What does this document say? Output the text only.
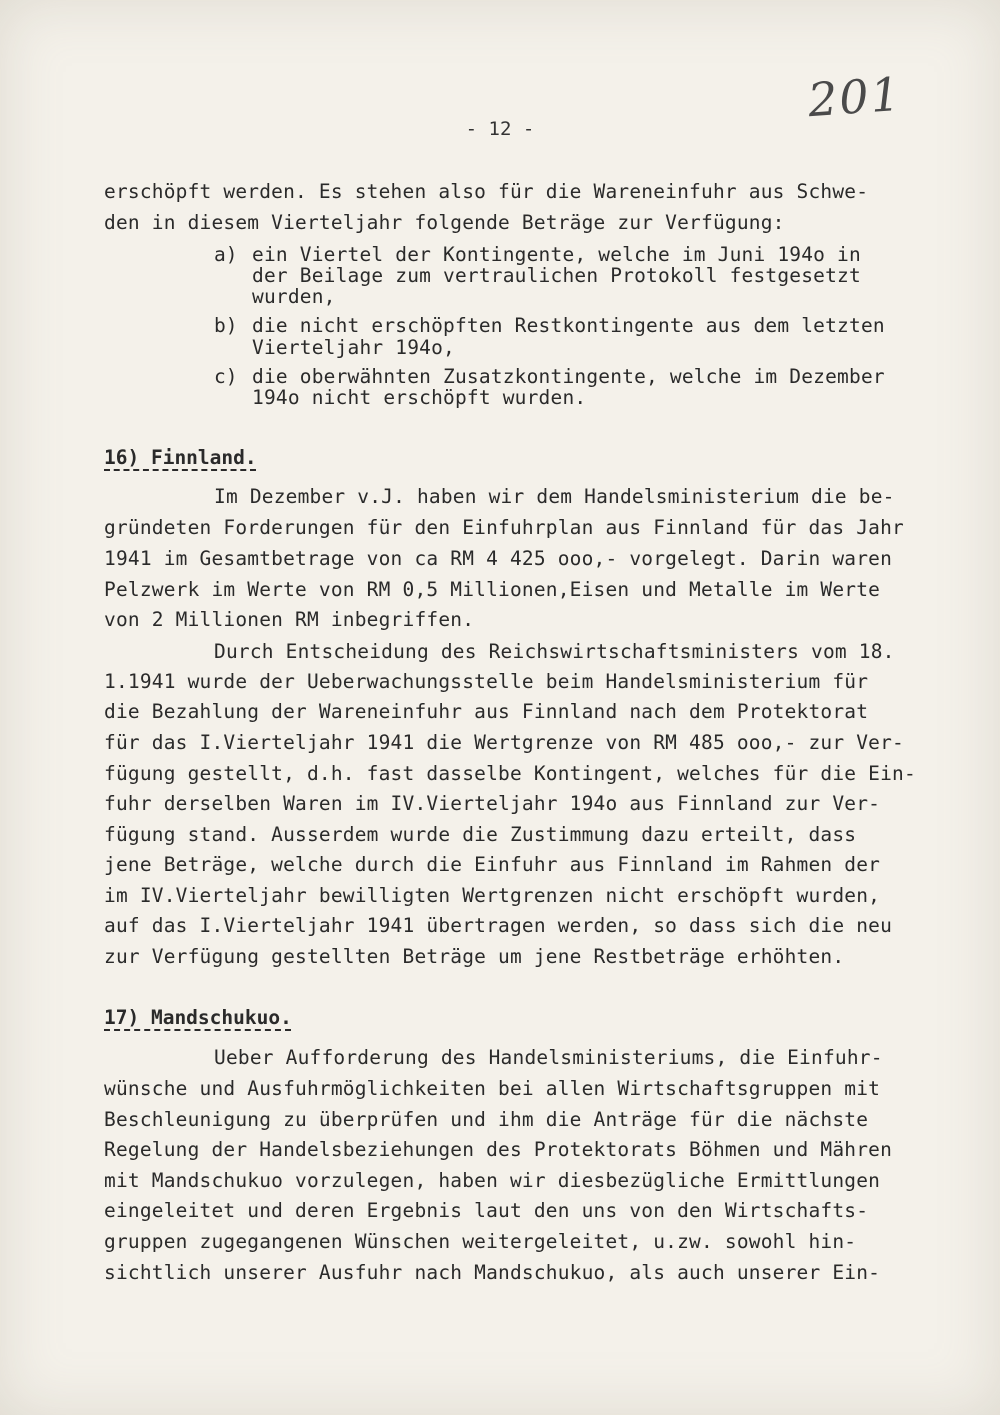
201
- 12 -
erschöpft werden. Es stehen also für die Wareneinfuhr aus Schwe-
den in diesem Vierteljahr folgende Beträge zur Verfügung:
a) ein Viertel der Kontingente, welche im Juni 194o in
der Beilage zum vertraulichen Protokoll festgesetzt
wurden,
b) die nicht erschöpften Restkontingente aus dem letzten
Vierteljahr 194o,
c) die oberwähnten Zusatzkontingente, welche im Dezember
194o nicht erschöpft wurden.
16) Finnland.
Im Dezember v.J. haben wir dem Handelsministerium die be-
gründeten Forderungen für den Einfuhrplan aus Finnland für das Jahr
1941 im Gesamtbetrage von ca RM 4 425 ooo,- vorgelegt. Darin waren
Pelzwerk im Werte von RM 0,5 Millionen,Eisen und Metalle im Werte
von 2 Millionen RM inbegriffen.
Durch Entscheidung des Reichswirtschaftsministers vom 18.
1.1941 wurde der Ueberwachungsstelle beim Handelsministerium für
die Bezahlung der Wareneinfuhr aus Finnland nach dem Protektorat
für das I.Vierteljahr 1941 die Wertgrenze von RM 485 ooo,- zur Ver-
fügung gestellt, d.h. fast dasselbe Kontingent, welches für die Ein-
fuhr derselben Waren im IV.Vierteljahr 194o aus Finnland zur Ver-
fügung stand. Ausserdem wurde die Zustimmung dazu erteilt, dass
jene Beträge, welche durch die Einfuhr aus Finnland im Rahmen der
im IV.Vierteljahr bewilligten Wertgrenzen nicht erschöpft wurden,
auf das I.Vierteljahr 1941 übertragen werden, so dass sich die neu
zur Verfügung gestellten Beträge um jene Restbeträge erhöhten.
17) Mandschukuo.
Ueber Aufforderung des Handelsministeriums, die Einfuhr-
wünsche und Ausfuhrmöglichkeiten bei allen Wirtschaftsgruppen mit
Beschleunigung zu überprüfen und ihm die Anträge für die nächste
Regelung der Handelsbeziehungen des Protektorats Böhmen und Mähren
mit Mandschukuo vorzulegen, haben wir diesbezügliche Ermittlungen
eingeleitet und deren Ergebnis laut den uns von den Wirtschafts-
gruppen zugegangenen Wünschen weitergeleitet, u.zw. sowohl hin-
sichtlich unserer Ausfuhr nach Mandschukuo, als auch unserer Ein-
